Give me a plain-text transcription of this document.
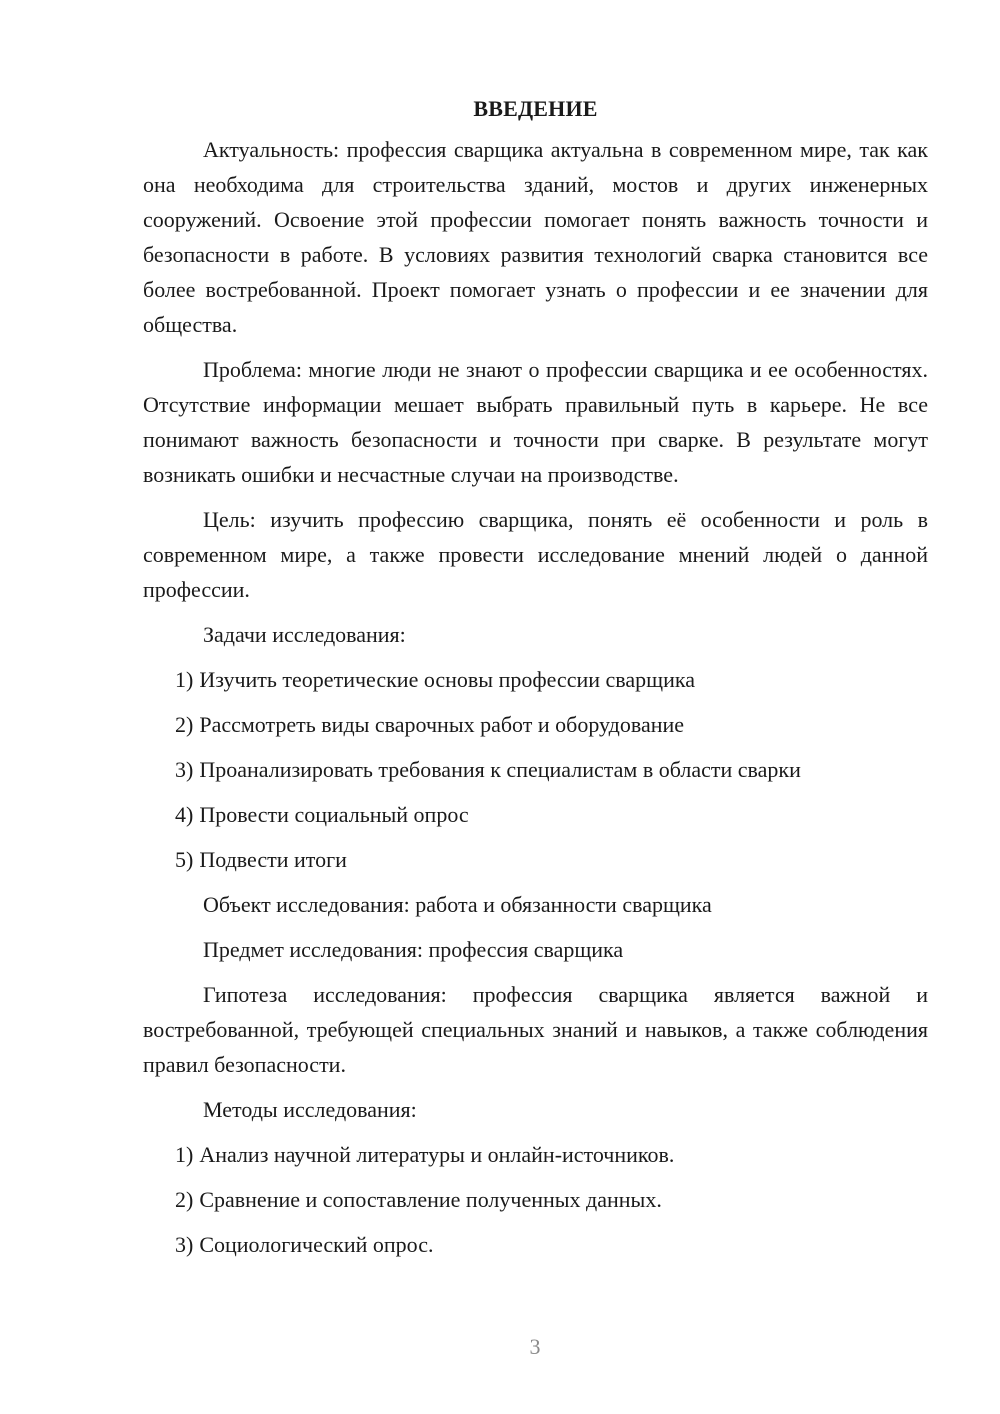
ВВЕДЕНИЕ

Актуальность: профессия сварщика актуальна в современном мире, так как она необходима для строительства зданий, мостов и других инженерных сооружений. Освоение этой профессии помогает понять важность точности и безопасности в работе. В условиях развития технологий сварка становится все более востребованной. Проект помогает узнать о профессии и ее значении для общества.

Проблема: многие люди не знают о профессии сварщика и ее особенностях. Отсутствие информации мешает выбрать правильный путь в карьере. Не все понимают важность безопасности и точности при сварке. В результате могут возникать ошибки и несчастные случаи на производстве.

Цель: изучить профессию сварщика, понять её особенности и роль в современном мире, а также провести исследование мнений людей о данной профессии.

Задачи исследования:

1) Изучить теоретические основы профессии сварщика
2) Рассмотреть виды сварочных работ и оборудование
3) Проанализировать требования к специалистам в области сварки
4) Провести социальный опрос
5) Подвести итоги

Объект исследования: работа и обязанности сварщика

Предмет исследования: профессия сварщика

Гипотеза исследования: профессия сварщика является важной и востребованной, требующей специальных знаний и навыков, а также соблюдения правил безопасности.

Методы исследования:

1) Анализ научной литературы и онлайн-источников.
2) Сравнение и сопоставление полученных данных.
3) Социологический опрос.
3
